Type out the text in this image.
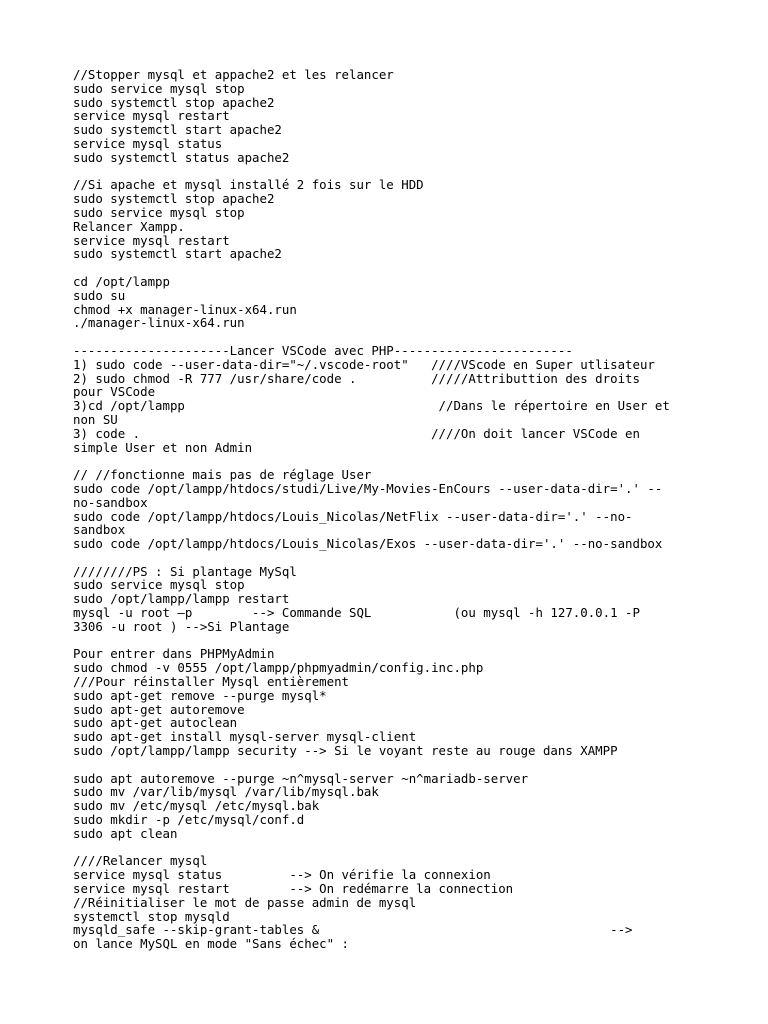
//Stopper mysql et appache2 et les relancer
sudo service mysql stop
sudo systemctl stop apache2
service mysql restart
sudo systemctl start apache2
service mysql status
sudo systemctl status apache2
//Si apache et mysql installé 2 fois sur le HDD
sudo systemctl stop apache2
sudo service mysql stop
Relancer Xampp.
service mysql restart
sudo systemctl start apache2
cd /opt/lampp
sudo su
chmod +x manager-linux-x64.run
./manager-linux-x64.run
---------------------Lancer VSCode avec PHP------------------------
1) sudo code --user-data-dir="~/.vscode-root"   ////VScode en Super utlisateur
2) sudo chmod -R 777 /usr/share/code .          /////Attributtion des droits
pour VSCode
3)cd /opt/lampp                                  //Dans le répertoire en User et
non SU
3) code .                                       ////On doit lancer VSCode en
simple User et non Admin
// //fonctionne mais pas de réglage User
sudo code /opt/lampp/htdocs/studi/Live/My-Movies-EnCours --user-data-dir='.' --
no-sandbox
sudo code /opt/lampp/htdocs/Louis_Nicolas/NetFlix --user-data-dir='.' --no-
sandbox
sudo code /opt/lampp/htdocs/Louis_Nicolas/Exos --user-data-dir='.' --no-sandbox
////////PS : Si plantage MySql
sudo service mysql stop
sudo /opt/lampp/lampp restart
mysql -u root –p        --> Commande SQL           (ou mysql -h 127.0.0.1 -P
3306 -u root ) -->Si Plantage
Pour entrer dans PHPMyAdmin
sudo chmod -v 0555 /opt/lampp/phpmyadmin/config.inc.php
///Pour réinstaller Mysql entièrement
sudo apt-get remove --purge mysql*
sudo apt-get autoremove
sudo apt-get autoclean
sudo apt-get install mysql-server mysql-client
sudo /opt/lampp/lampp security --> Si le voyant reste au rouge dans XAMPP
sudo apt autoremove --purge ~n^mysql-server ~n^mariadb-server
sudo mv /var/lib/mysql /var/lib/mysql.bak
sudo mv /etc/mysql /etc/mysql.bak
sudo mkdir -p /etc/mysql/conf.d
sudo apt clean
////Relancer mysql
service mysql status         --> On vérifie la connexion
service mysql restart        --> On redémarre la connection
//Réinitialiser le mot de passe admin de mysql
systemctl stop mysqld
mysqld_safe --skip-grant-tables &                                       -->
on lance MySQL en mode "Sans échec" :
